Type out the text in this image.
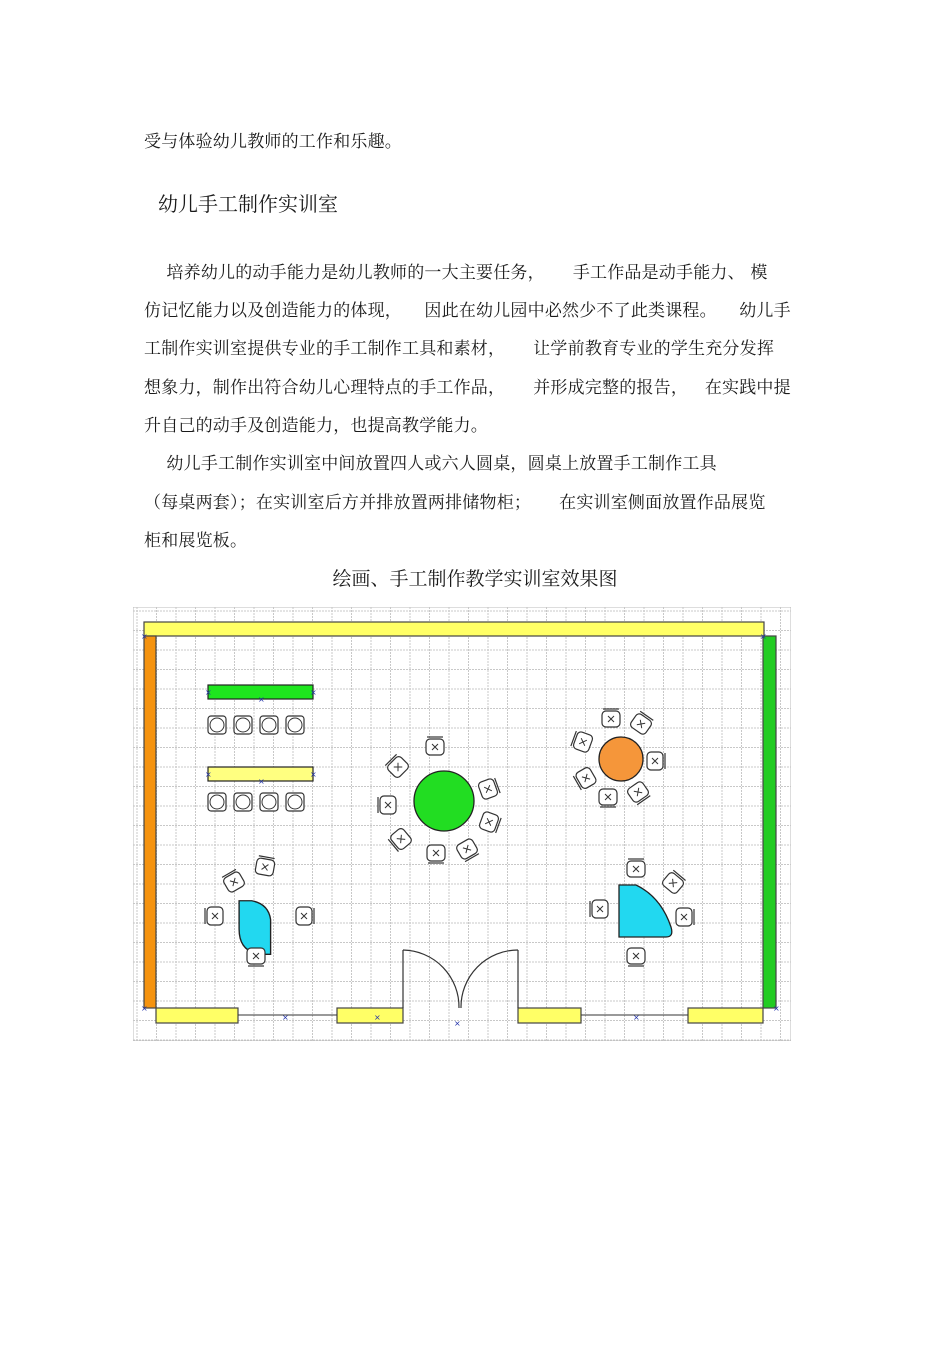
受与体验幼儿教师的工作和乐趣。
幼儿手工制作实训室
培养幼儿的动手能力是幼儿教师的一大主要任务，     手工作品是动手能力、 模
仿记忆能力以及创造能力的体现，    因此在幼儿园中必然少不了此类课程。    幼儿手
工制作实训室提供专业的手工制作工具和素材，     让学前教育专业的学生充分发挥
想象力，制作出符合幼儿心理特点的手工作品，     并形成完整的报告，   在实践中提
升自己的动手及创造能力，也提高教学能力。
幼儿手工制作实训室中间放置四人或六人圆桌，圆桌上放置手工制作工具
（每桌两套）；在实训室后方并排放置两排储物柜；     在实训室侧面放置作品展览
柜和展览板。
绘画、手工制作教学实训室效果图
×	×
×	×
×
×
×	×
×	×
×
×	×	×
